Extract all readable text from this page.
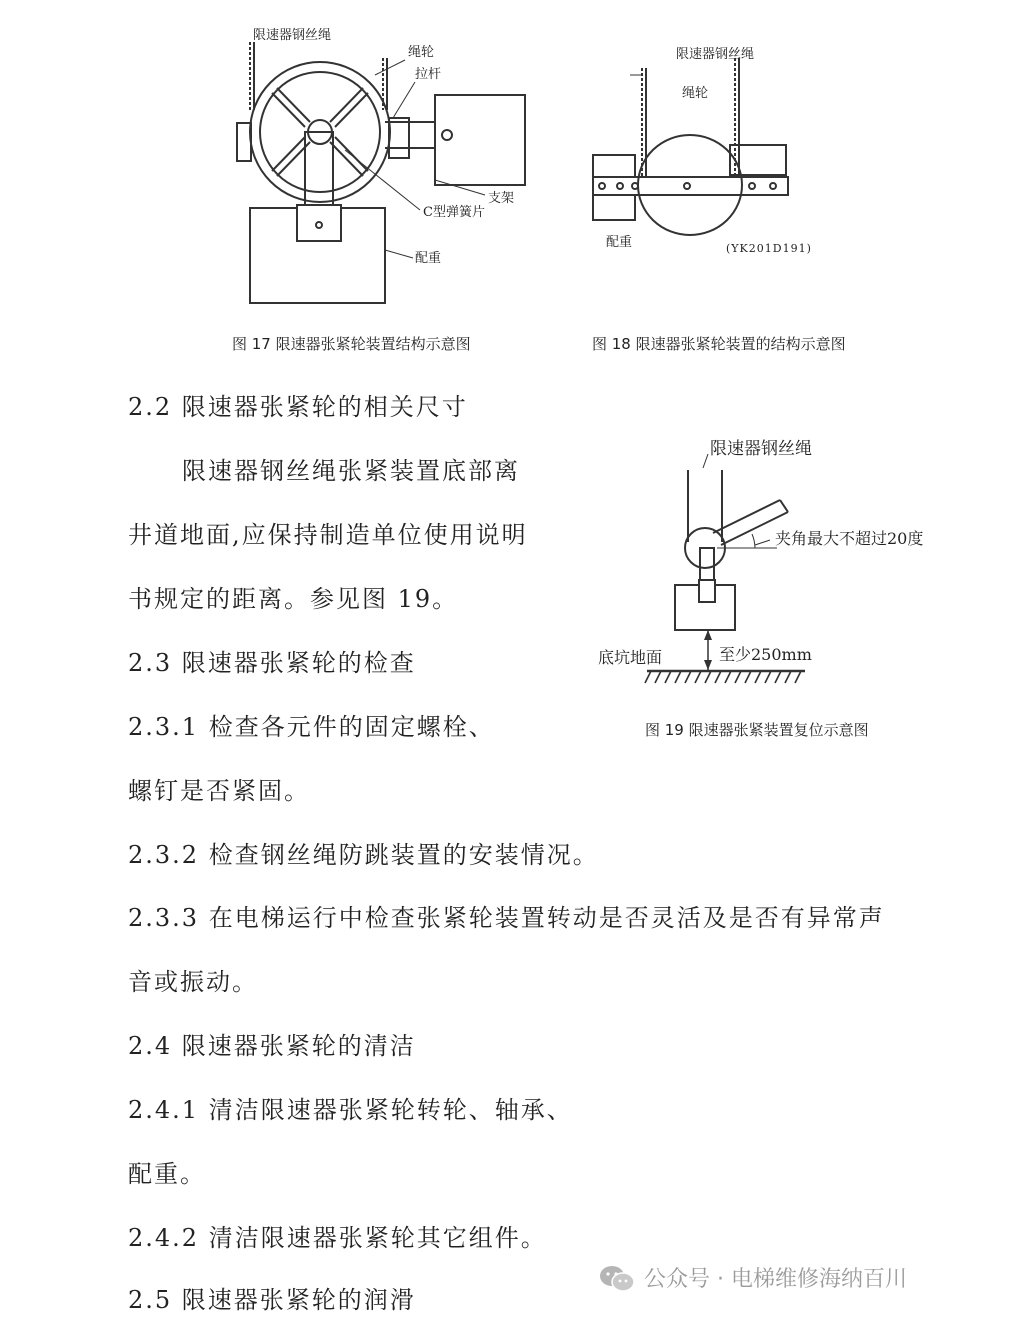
限速器钢丝绳
绳轮
拉杆
支架
C型弹簧片
配重
图 17 限速器张紧轮装置结构示意图
限速器钢丝绳
绳轮
配重	(YK201D191)
图 18 限速器张紧轮装置的结构示意图
限速器钢丝绳
夹角最大不超过20度
底坑地面	至少250mm
图 19 限速器张紧装置复位示意图
2.2 限速器张紧轮的相关尺寸
限速器钢丝绳张紧装置底部离
井道地面,应保持制造单位使用说明
书规定的距离。参见图 19。
2.3 限速器张紧轮的检查
2.3.1 检查各元件的固定螺栓、
螺钉是否紧固。
2.3.2 检查钢丝绳防跳装置的安装情况。
2.3.3 在电梯运行中检查张紧轮装置转动是否灵活及是否有异常声
音或振动。
2.4 限速器张紧轮的清洁
2.4.1 清洁限速器张紧轮转轮、轴承、
配重。
2.4.2 清洁限速器张紧轮其它组件。
2.5 限速器张紧轮的润滑
公众号 · 电梯维修海纳百川
